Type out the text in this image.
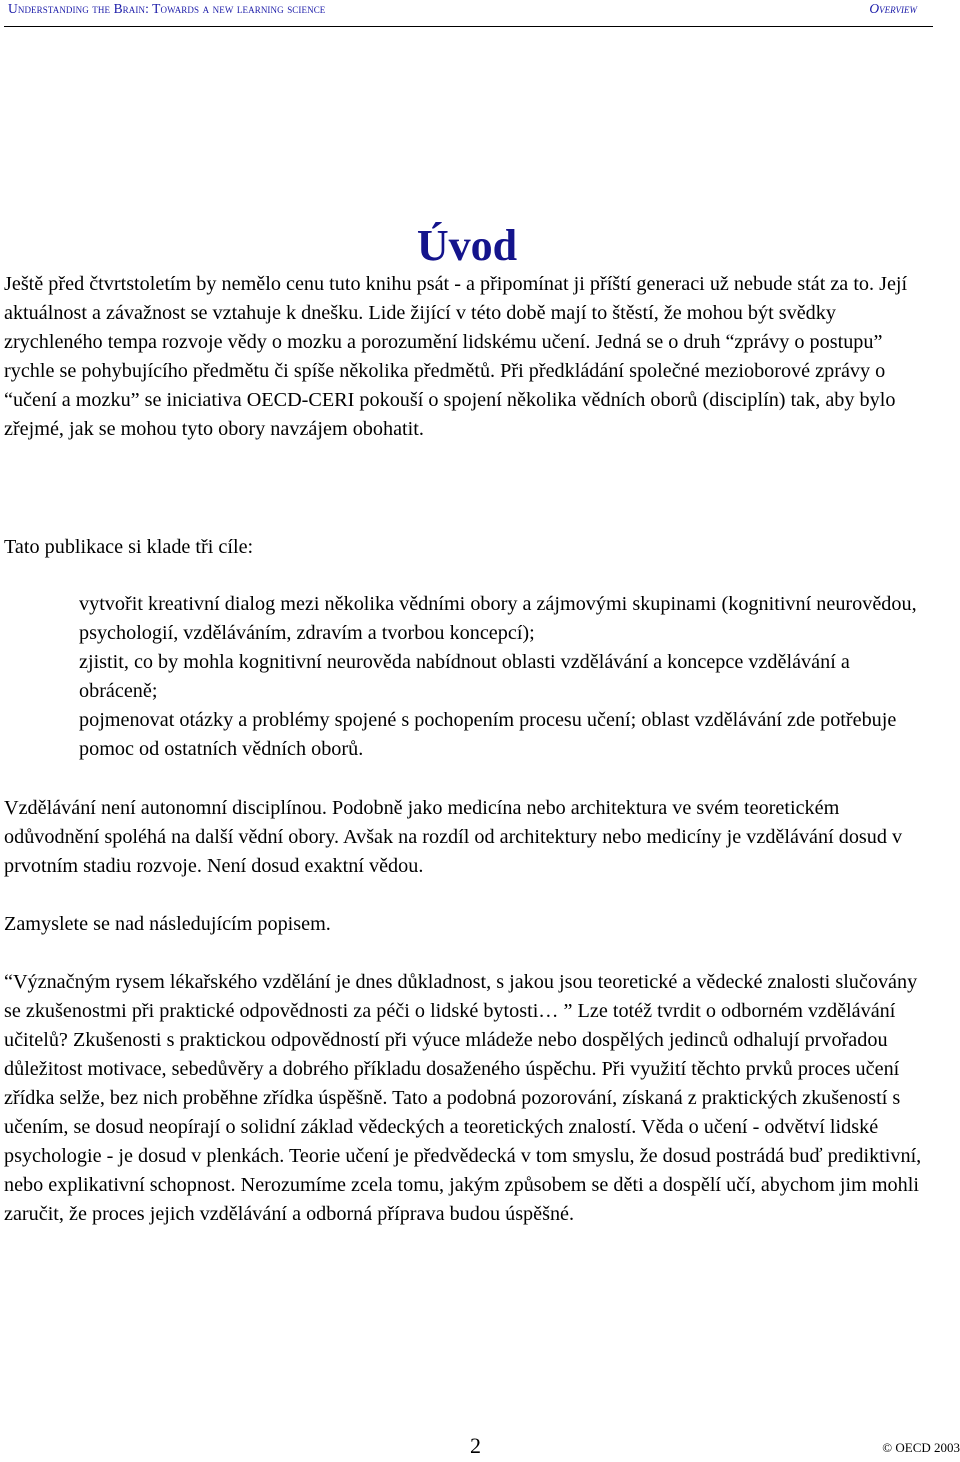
Understanding the Brain: Towards a new learning science	Overview
Úvod

Ještě před čtvrtstoletím by nemělo cenu tuto knihu psát - a připomínat ji příští generaci už nebude stát za to. Její aktuálnost a závažnost se vztahuje k dnešku. Lide žijící v této době mají to štěstí, že mohou být svědky zrychleného tempa rozvoje vědy o mozku a porozumění lidskému učení. Jedná se o druh “zprávy o postupu” rychle se pohybujícího předmětu či spíše několika předmětů. Při předkládání společné mezioborové zprávy o “učení a mozku” se iniciativa OECD-CERI pokouší o spojení několika vědních oborů (disciplín) tak, aby bylo zřejmé, jak se mohou tyto obory navzájem obohatit.

Tato publikace si klade tři cíle:

vytvořit kreativní dialog mezi několika vědními obory a zájmovými skupinami (kognitivní neurovědou, psychologií, vzděláváním, zdravím a tvorbou koncepcí);
zjistit, co by mohla kognitivní neurověda nabídnout oblasti vzdělávání a koncepce vzdělávání a obráceně;
pojmenovat otázky a problémy spojené s pochopením procesu učení; oblast vzdělávání zde potřebuje pomoc od ostatních vědních oborů.

Vzdělávání není autonomní disciplínou. Podobně jako medicína nebo architektura ve svém teoretickém odůvodnění spoléhá na další vědní obory. Avšak na rozdíl od architektury nebo medicíny je vzdělávání dosud v prvotním stadiu rozvoje. Není dosud exaktní vědou.

Zamyslete se nad následujícím popisem.

“Význačným rysem lékařského vzdělání je dnes důkladnost, s jakou jsou teoretické a vědecké znalosti slučovány se zkušenostmi při praktické odpovědnosti za péči o lidské bytosti… ” Lze totéž tvrdit o odborném vzdělávání učitelů? Zkušenosti s praktickou odpovědností při výuce mládeže nebo dospělých jedinců odhalují prvořadou důležitost motivace, sebedůvěry a dobrého příkladu dosaženého úspěchu. Při využití těchto prvků proces učení zřídka selže, bez nich proběhne zřídka úspěšně. Tato a podobná pozorování, získaná z praktických zkušeností s učením, se dosud neopírají o solidní základ vědeckých a teoretických znalostí. Věda o učení - odvětví lidské psychologie - je dosud v plenkách. Teorie učení je předvědecká v tom smyslu, že dosud postrádá buď prediktivní, nebo explikativní schopnost. Nerozumíme zcela tomu, jakým způsobem se děti a dospělí učí, abychom jim mohli zaručit, že proces jejich vzdělávání a odborná příprava budou úspěšné.

2	© OECD 2003
